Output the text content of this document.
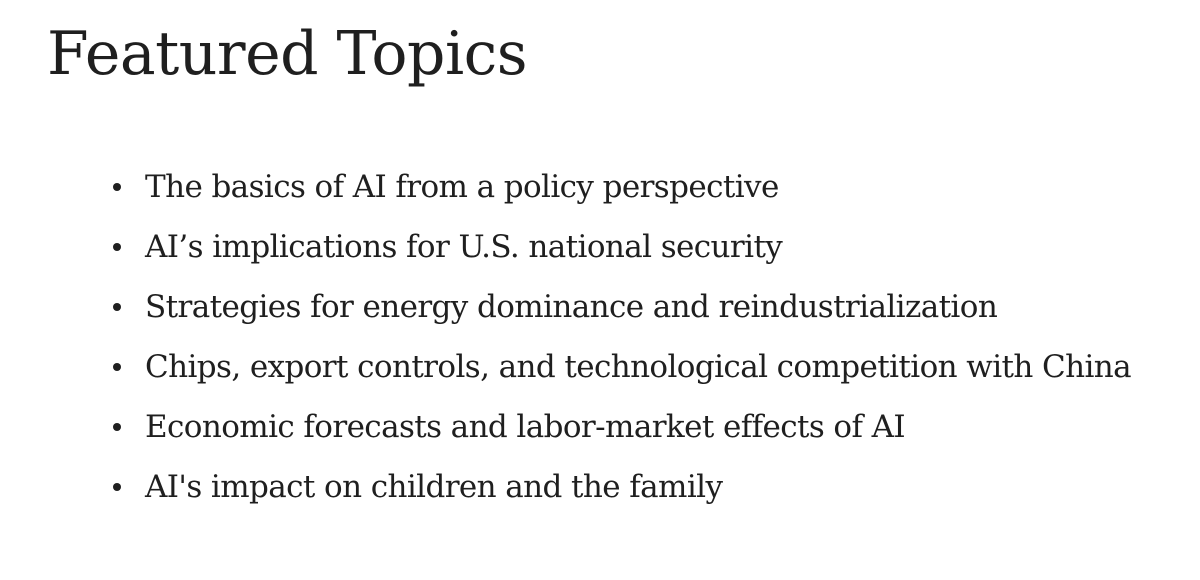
Featured Topics
The basics of AI from a policy perspective
AI’s implications for U.S. national security
Strategies for energy dominance and reindustrialization
Chips, export controls, and technological competition with China
Economic forecasts and labor-market effects of AI
AI's impact on children and the family
